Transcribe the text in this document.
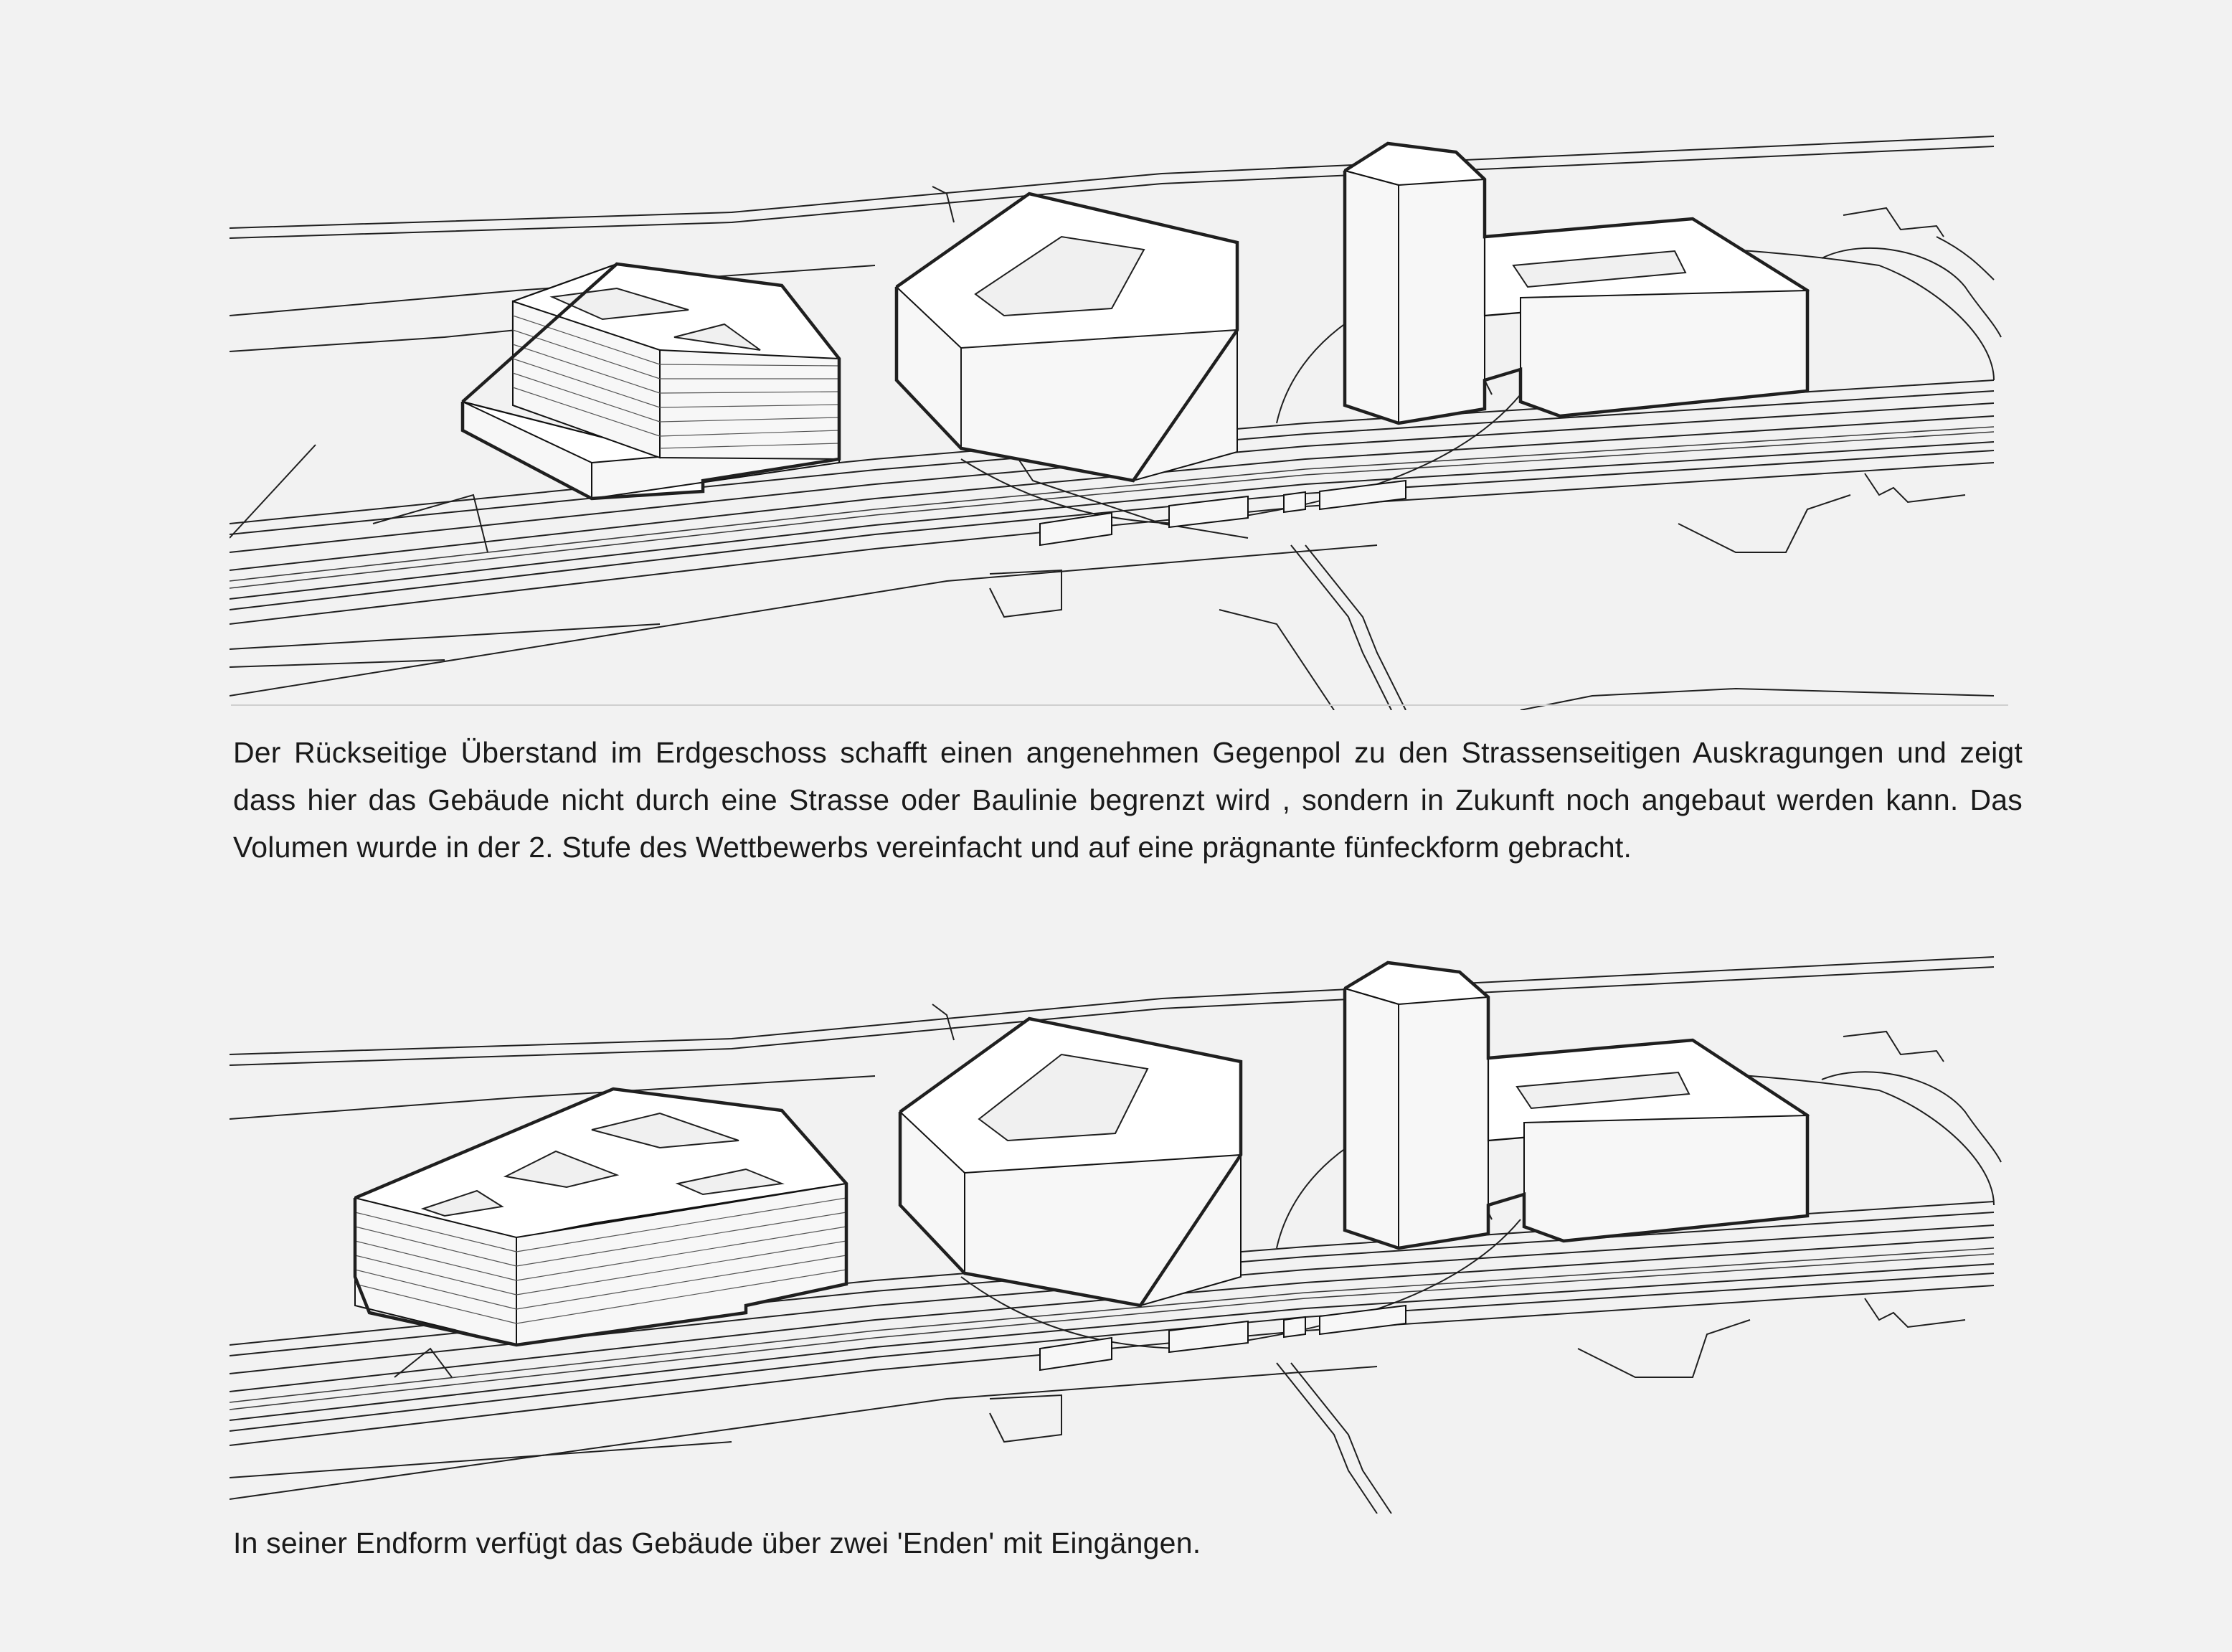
Der Rückseitige Überstand im Erdgeschoss schafft einen angenehmen Gegenpol zu den Strassenseitigen Auskragungen und zeigt dass hier das Gebäude nicht durch eine Strasse oder Baulinie begrenzt wird , sondern in Zukunft noch angebaut werden kann. Das Volumen wurde in der 2. Stufe des Wettbewerbs vereinfacht und auf eine prägnante fünfeckform gebracht.

In seiner Endform verfügt das Gebäude über zwei 'Enden' mit Eingängen.
